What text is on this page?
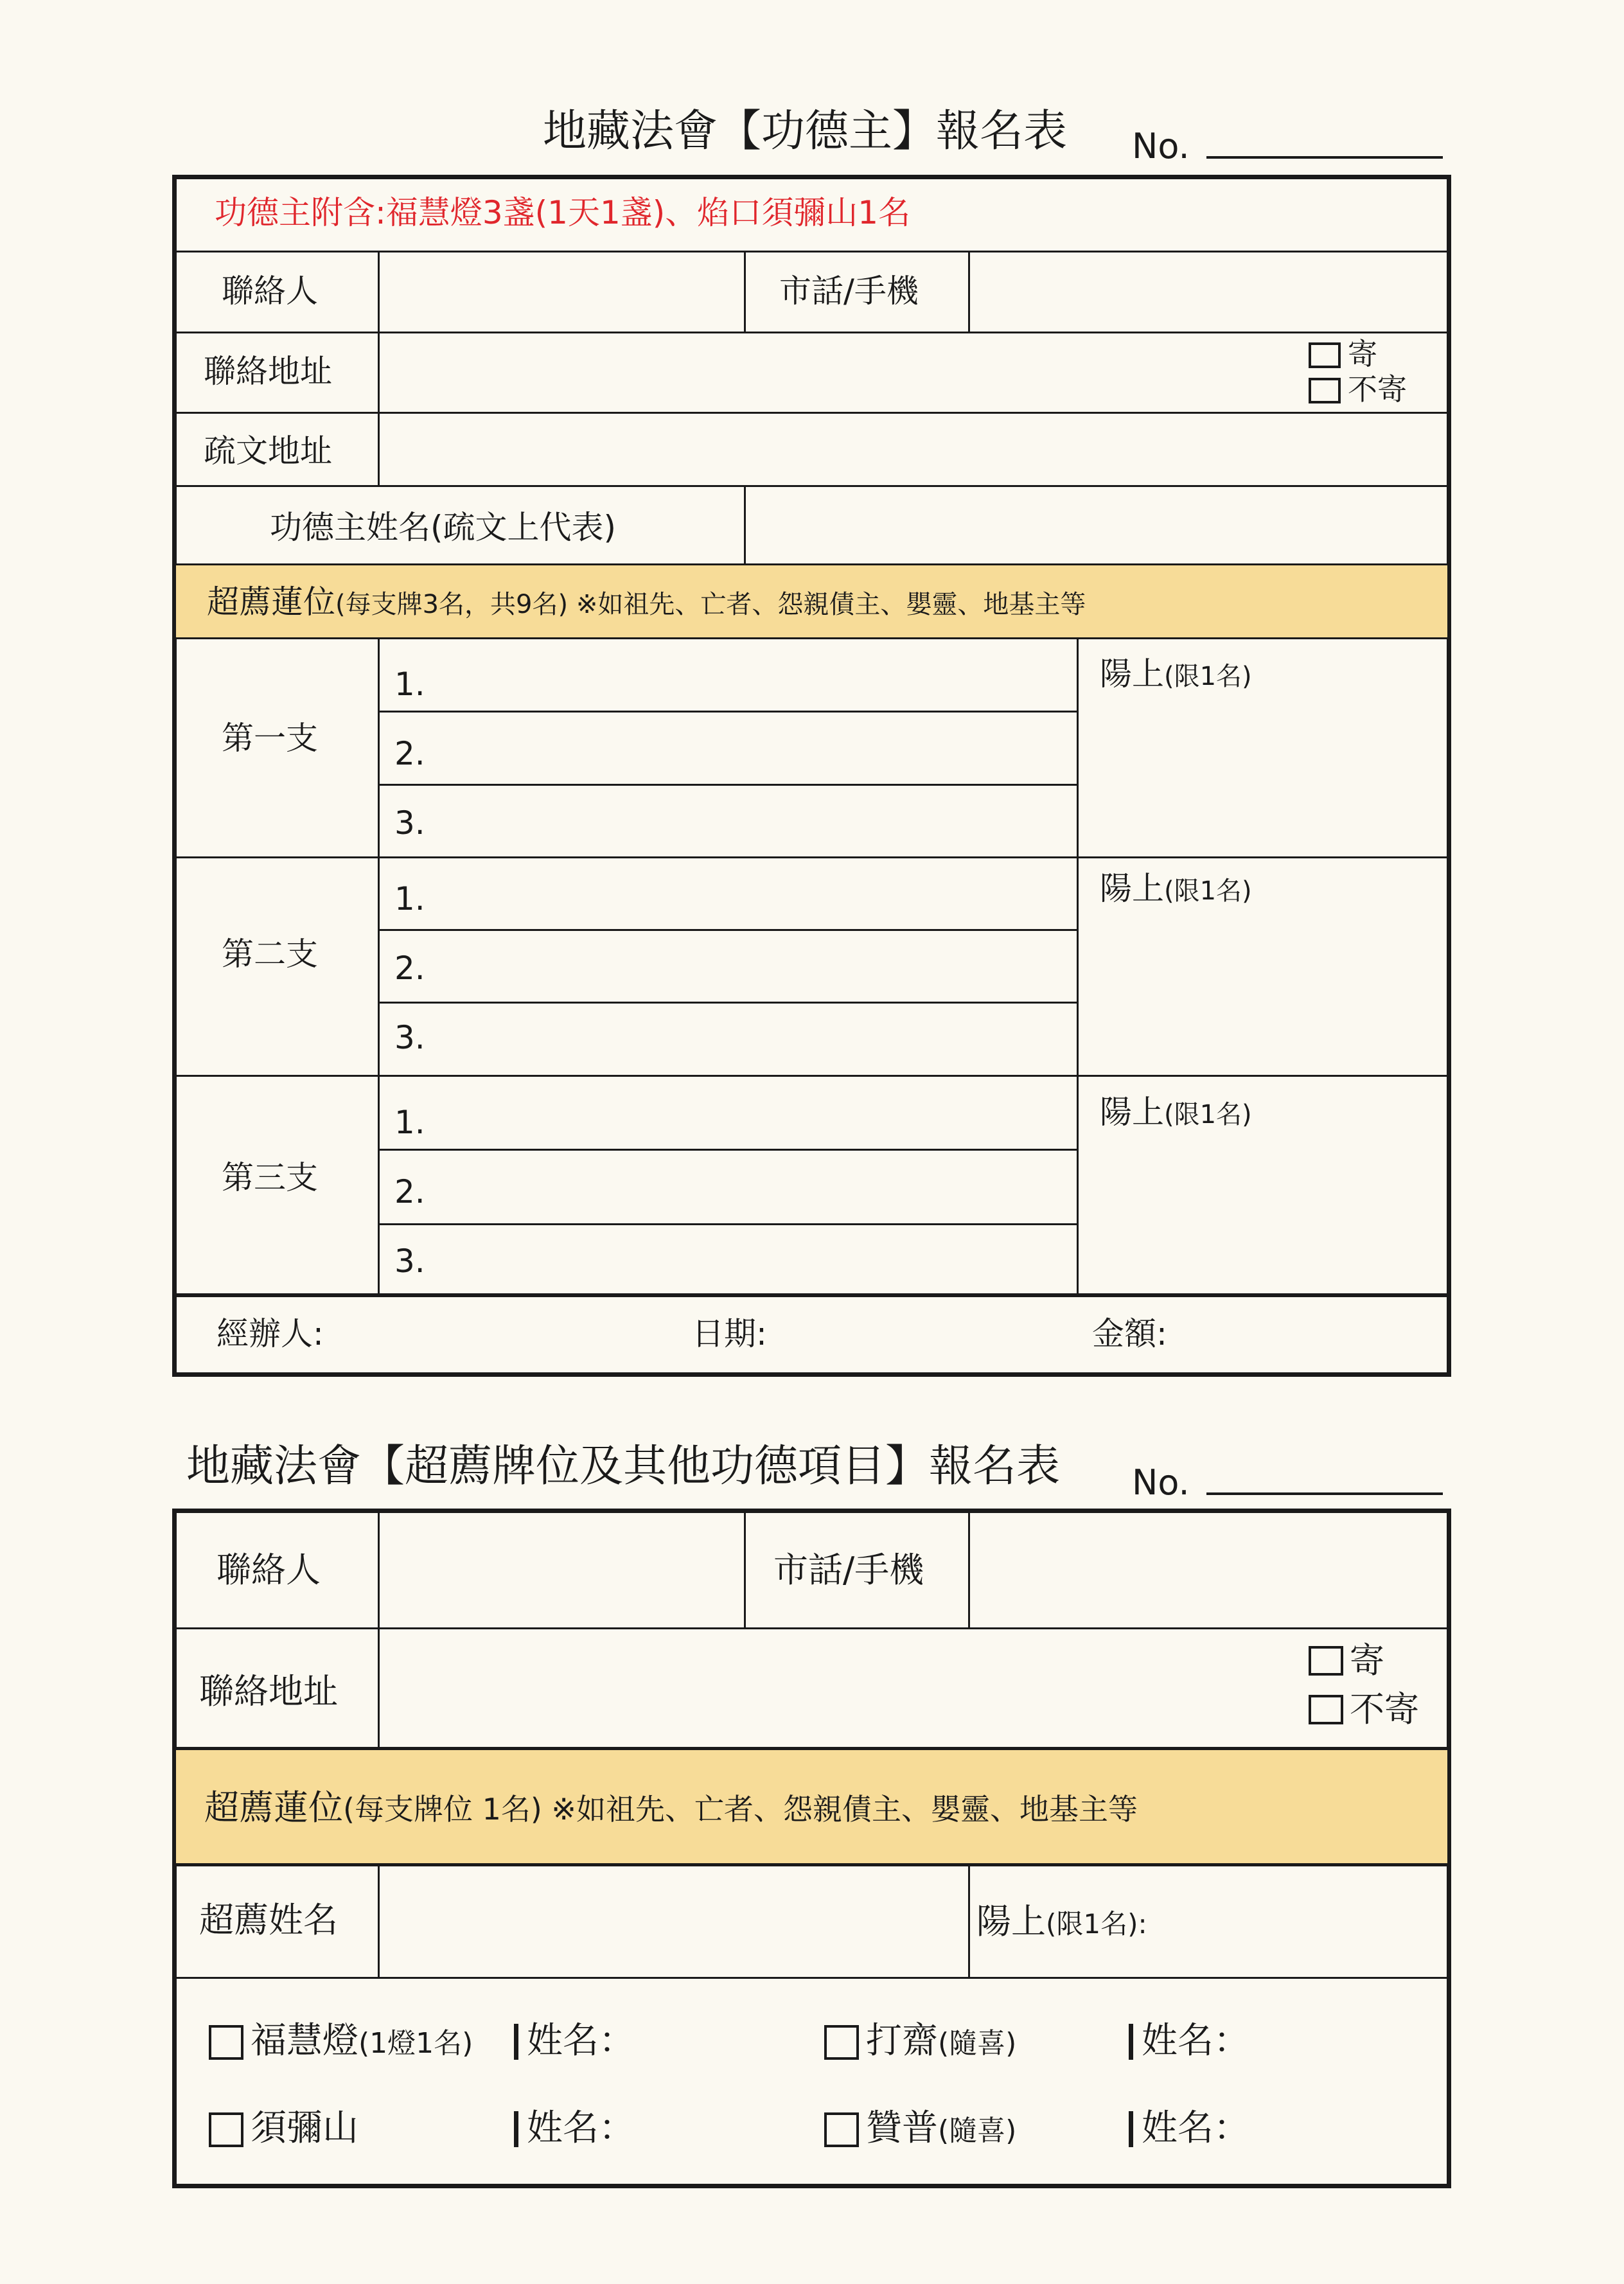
地藏法會【功德主】報名表 No.
功德主附含:福慧燈3盞(1天1盞)、焰口須彌山1名
聯絡人	市話/手機
聯絡地址	寄
不寄
疏文地址
功德主姓名(疏文上代表)
超薦蓮位(每支牌3名，共9名) ※如祖先、亡者、怨親債主、嬰靈、地基主等
第一支
1.
2.
3.
陽上(限1名)
第二支
1.
2.
3.
陽上(限1名)
第三支
1.
2.
3.
陽上(限1名)
經辦人:	日期:	金額:
地藏法會【超薦牌位及其他功德項目】報名表 No.
聯絡人	市話/手機
聯絡地址
寄
不寄
超薦蓮位(每支牌位 1名) ※如祖先、亡者、怨親債主、嬰靈、地基主等
超薦姓名	陽上(限1名):
福慧燈(1燈1名) 姓名：	打齋(隨喜)	姓名：
須彌山	姓名：	贊普(隨喜)	姓名：
